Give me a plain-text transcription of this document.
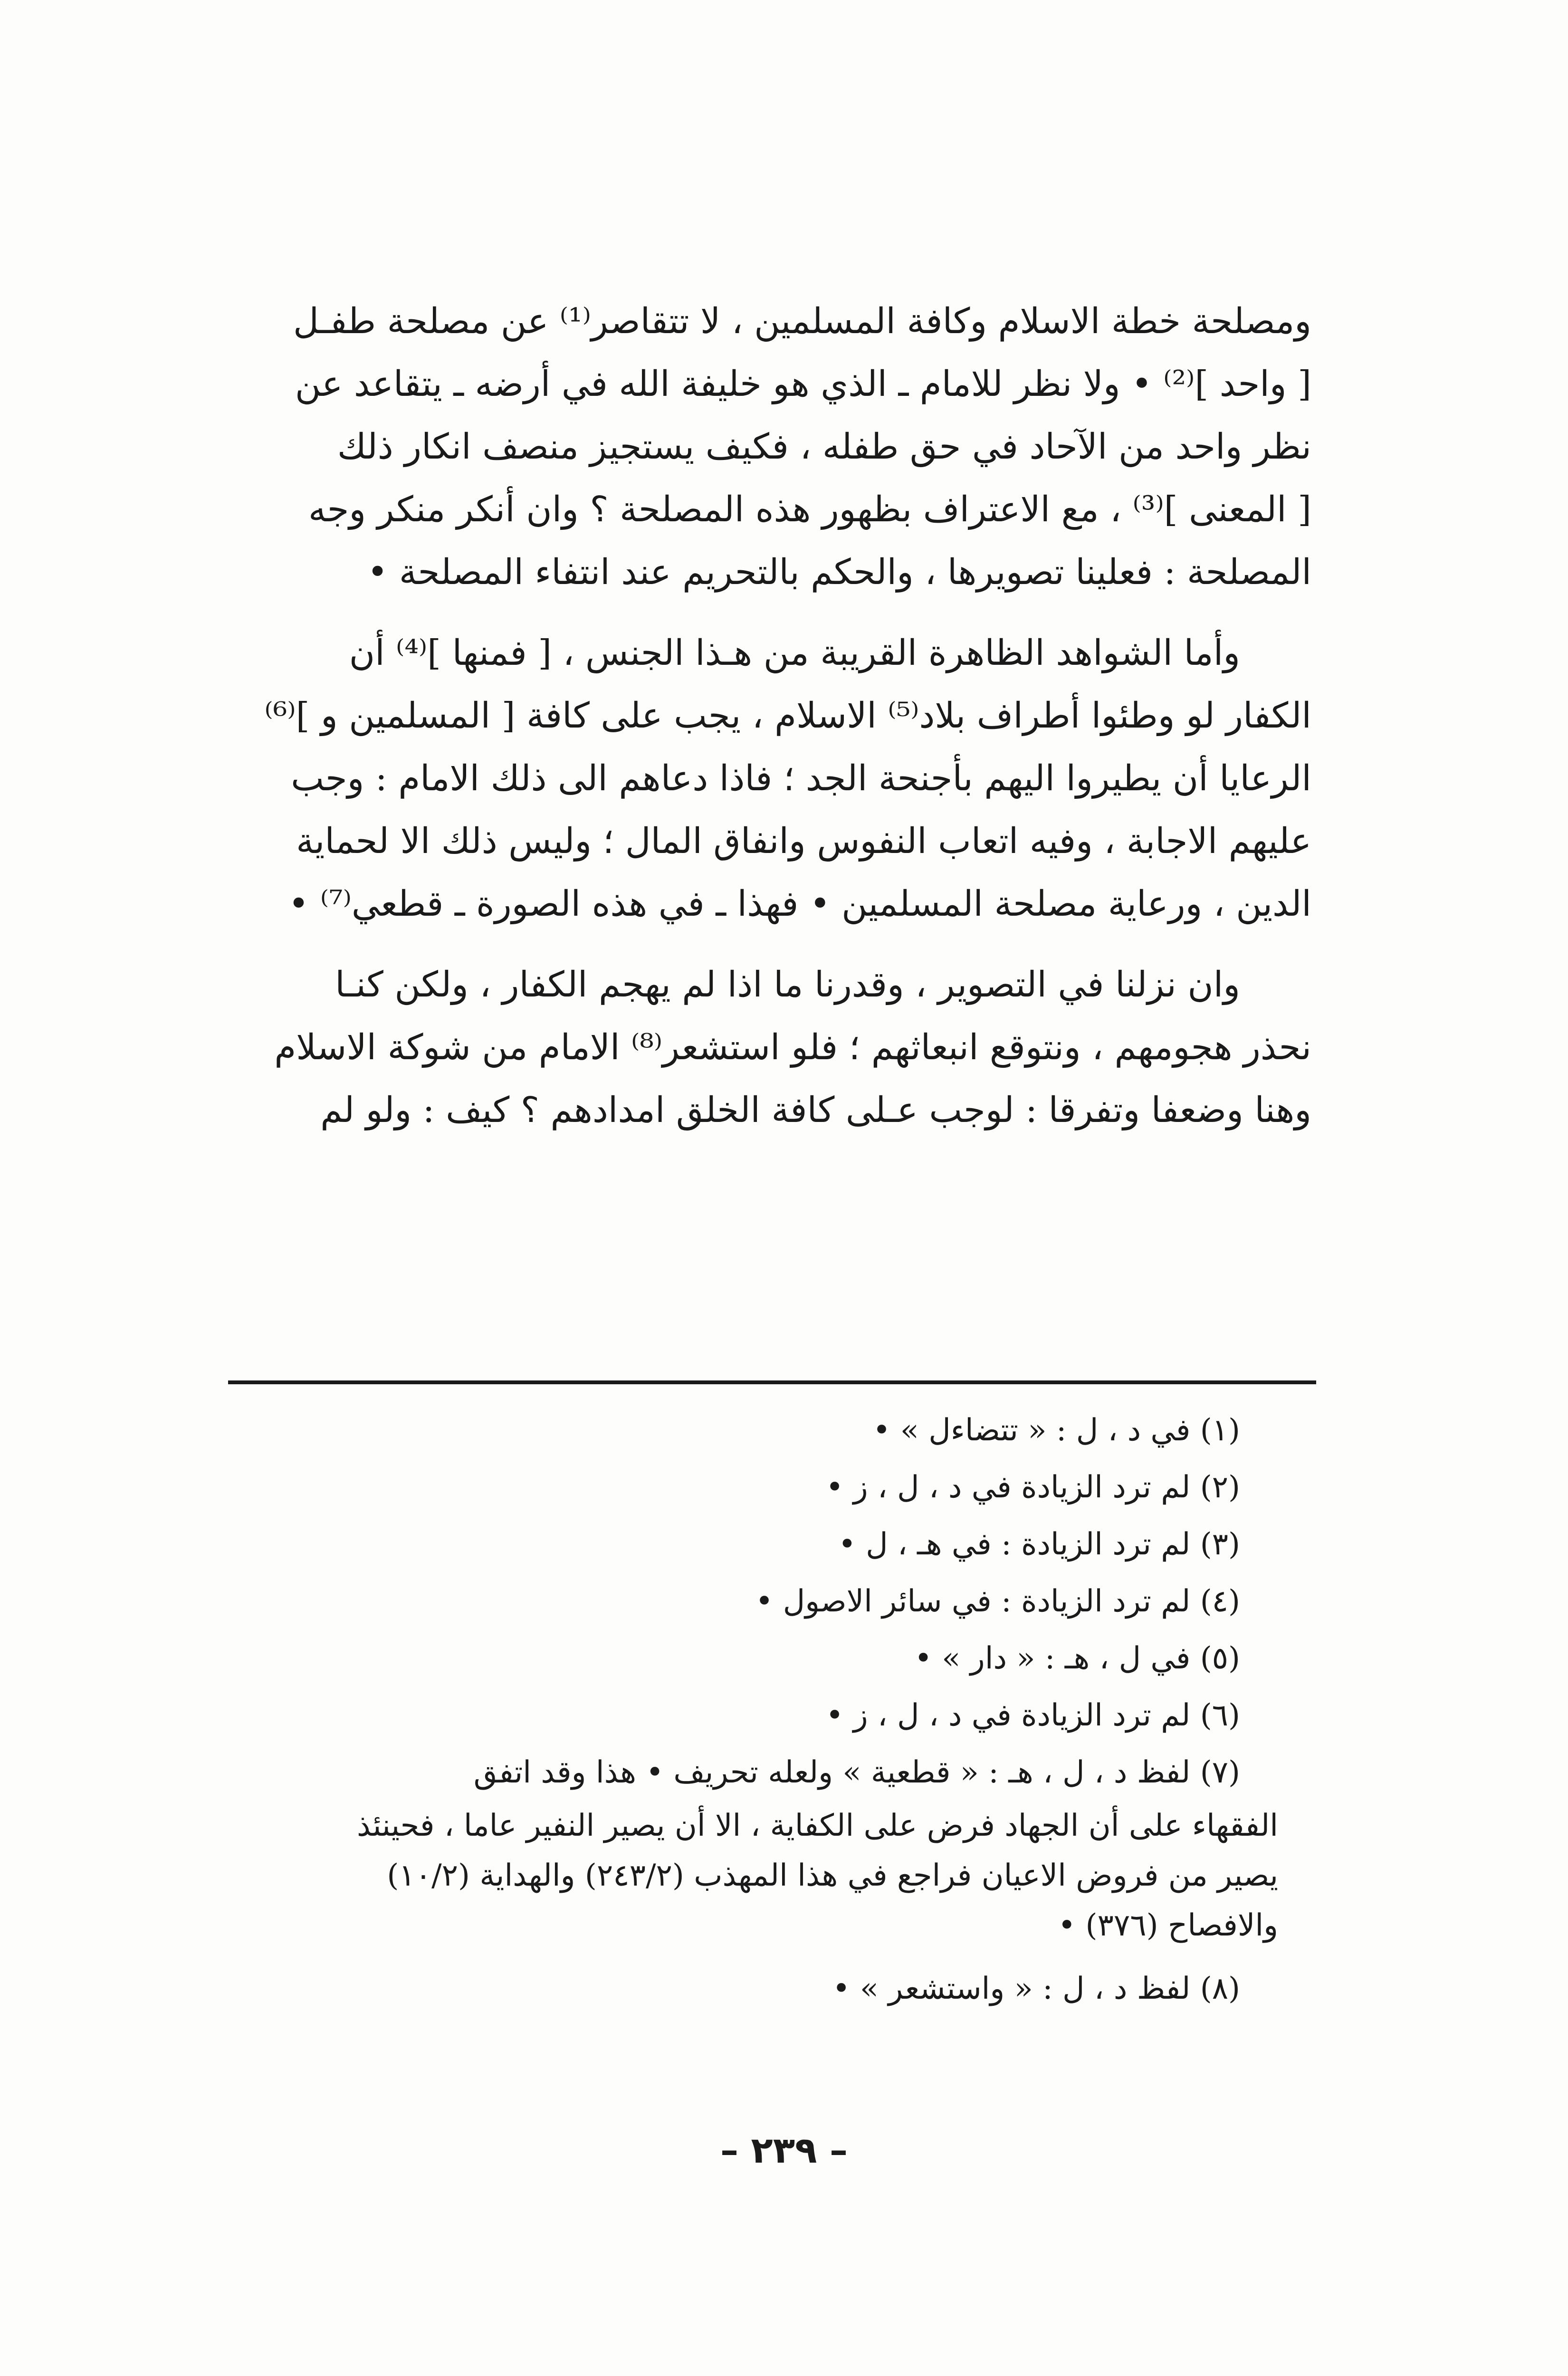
ومصلحة خطة الاسلام وكافة المسلمين ، لا تتقاصر⁽¹⁾ عن مصلحة طفـل
[ واحد ]⁽²⁾ • ولا نظر للامام ـ الذي هو خليفة الله في أرضه ـ يتقاعد عن
نظر واحد من الآحاد في حق طفله ، فكيف يستجيز منصف انكار ذلك
[ المعنى ]⁽³⁾ ، مع الاعتراف بظهور هذه المصلحة ؟ وان أنكر منكر وجه
المصلحة : فعلينا تصويرها ، والحكم بالتحريم عند انتفاء المصلحة •

وأما الشواهد الظاهرة القريبة من هـذا الجنس ، [ فمنها ]⁽⁴⁾ أن
الكفار لو وطئوا أطراف بلاد⁽⁵⁾ الاسلام ، يجب على كافة [ المسلمين و ]⁽⁶⁾
الرعايا أن يطيروا اليهم بأجنحة الجد ؛ فاذا دعاهم الى ذلك الامام : وجب
عليهم الاجابة ، وفيه اتعاب النفوس وانفاق المال ؛ وليس ذلك الا لحماية
الدين ، ورعاية مصلحة المسلمين • فهذا ـ في هذه الصورة ـ قطعي⁽⁷⁾ •

وان نزلنا في التصوير ، وقدرنا ما اذا لم يهجم الكفار ، ولكن كنـا
نحذر هجومهم ، ونتوقع انبعاثهم ؛ فلو استشعر⁽⁸⁾ الامام من شوكة الاسلام
وهنا وضعفا وتفرقا : لوجب عـلى كافة الخلق امدادهم ؟ كيف : ولو لم

(١) في د ، ل : « تتضاءل » •
(٢) لم ترد الزيادة في د ، ل ، ز •
(٣) لم ترد الزيادة : في هـ ، ل •
(٤) لم ترد الزيادة : في سائر الاصول •
(٥) في ل ، هـ : « دار » •
(٦) لم ترد الزيادة في د ، ل ، ز •
(٧) لفظ د ، ل ، هـ : « قطعية » ولعله تحريف • هذا وقد اتفق
الفقهاء على أن الجهاد فرض على الكفاية ، الا أن يصير النفير عاما ، فحينئذ
يصير من فروض الاعيان فراجع في هذا المهذب (٢٤٣/٢) والهداية (١٠/٢)
والافصاح (٣٧٦) •
(٨) لفظ د ، ل : « واستشعر » •
– ٢٣٩ –
